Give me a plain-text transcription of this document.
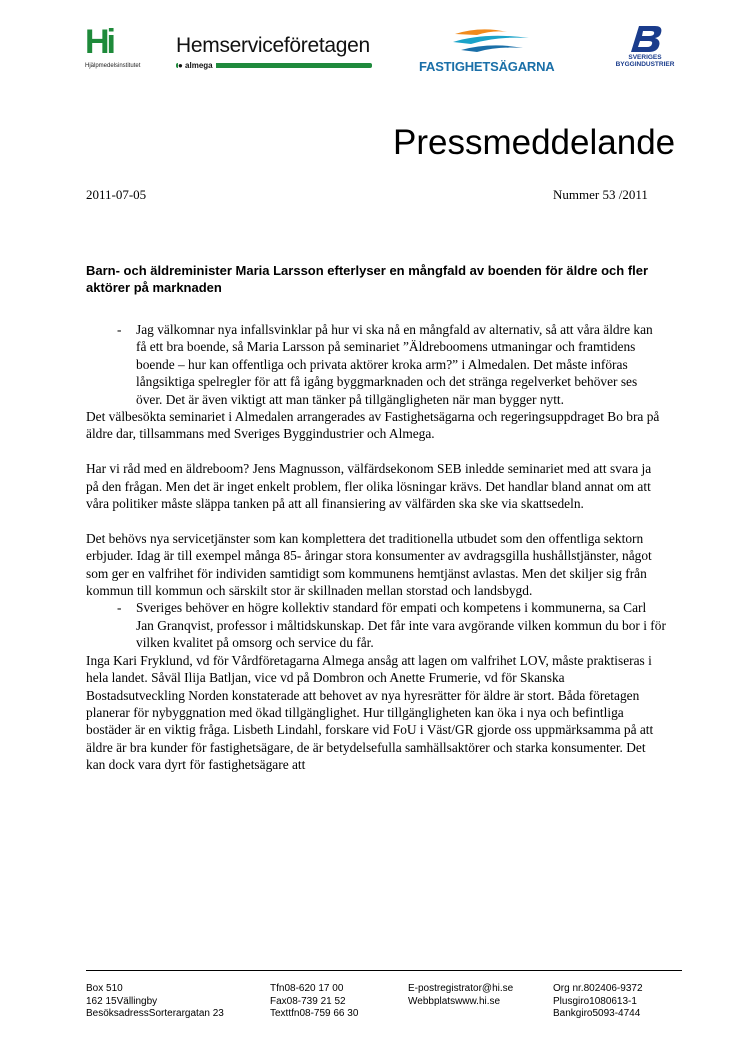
Hi
Hjälpmedelsinstitutet
Hemserviceföretagen
● almega	FASTIGHETSÄGARNA
SVERIGES
BYGGINDUSTRIER
Pressmeddelande
2011-07-05	Nummer 53 /2011
Barn- och äldreminister Maria Larsson efterlyser en mångfald av boenden för äldre och fler aktörer på marknaden
- Jag välkomnar nya infallsvinklar på hur vi ska nå en mångfald av alternativ, så att våra äldre kan få ett bra boende, så Maria Larsson på seminariet ”Äldreboomens utmaningar och framtidens boende – hur kan offentliga och privata aktörer kroka arm?” i Almedalen. Det måste införas långsiktiga spelregler för att få igång byggmarknaden och det stränga regelverket behöver ses över. Det är även viktigt att man tänker på tillgängligheten när man bygger nytt.

Det välbesökta seminariet i Almedalen arrangerades av Fastighetsägarna och regeringsuppdraget Bo bra på äldre dar, tillsammans med Sveriges Byggindustrier och Almega.

Har vi råd med en äldreboom? Jens Magnusson, välfärdsekonom SEB inledde seminariet med att svara ja på den frågan. Men det är inget enkelt problem, fler olika lösningar krävs. Det handlar bland annat om att våra politiker måste släppa tanken på att all finansiering av välfärden ska ske via skattsedeln.

Det behövs nya servicetjänster som kan komplettera det traditionella utbudet som den offentliga sektorn erbjuder. Idag är till exempel många 85- åringar stora konsumenter av avdragsgilla hushållstjänster, något som ger en valfrihet för individen samtidigt som kommunens hemtjänst avlastas. Men det skiljer sig från kommun till kommun och särskilt stor är skillnaden mellan storstad och landsbygd.

- Sveriges behöver en högre kollektiv standard för empati och kompetens i kommunerna, sa Carl Jan Granqvist, professor i måltidskunskap. Det får inte vara avgörande vilken kommun du bor i för vilken kvalitet på omsorg och service du får.

Inga Kari Fryklund, vd för Vårdföretagarna Almega ansåg att lagen om valfrihet LOV, måste praktiseras i hela landet. Såväl Ilija Batljan, vice vd på Dombron och Anette Frumerie, vd för Skanska Bostadsutveckling Norden konstaterade att behovet av nya hyresrätter för äldre är stort. Båda företagen planerar för nybyggnation med ökad tillgänglighet. Hur tillgängligheten kan öka i nya och befintliga bostäder är en viktig fråga. Lisbeth Lindahl, forskare vid FoU i Väst/GR gjorde oss uppmärksamma på att äldre är bra kunder för fastighetsägare, de är betydelsefulla samhällsaktörer och starka konsumenter. Det kan dock vara dyrt för fastighetsägare att

Box 510
162 15Vällingby
BesöksadressSorterargatan 23
Tfn08-620 17 00
Fax08-739 21 52
Texttfn08-759 66 30
E-postregistrator@hi.se
Webbplatswww.hi.se
Org nr.802406-9372
Plusgiro1080613-1
Bankgiro5093-4744
